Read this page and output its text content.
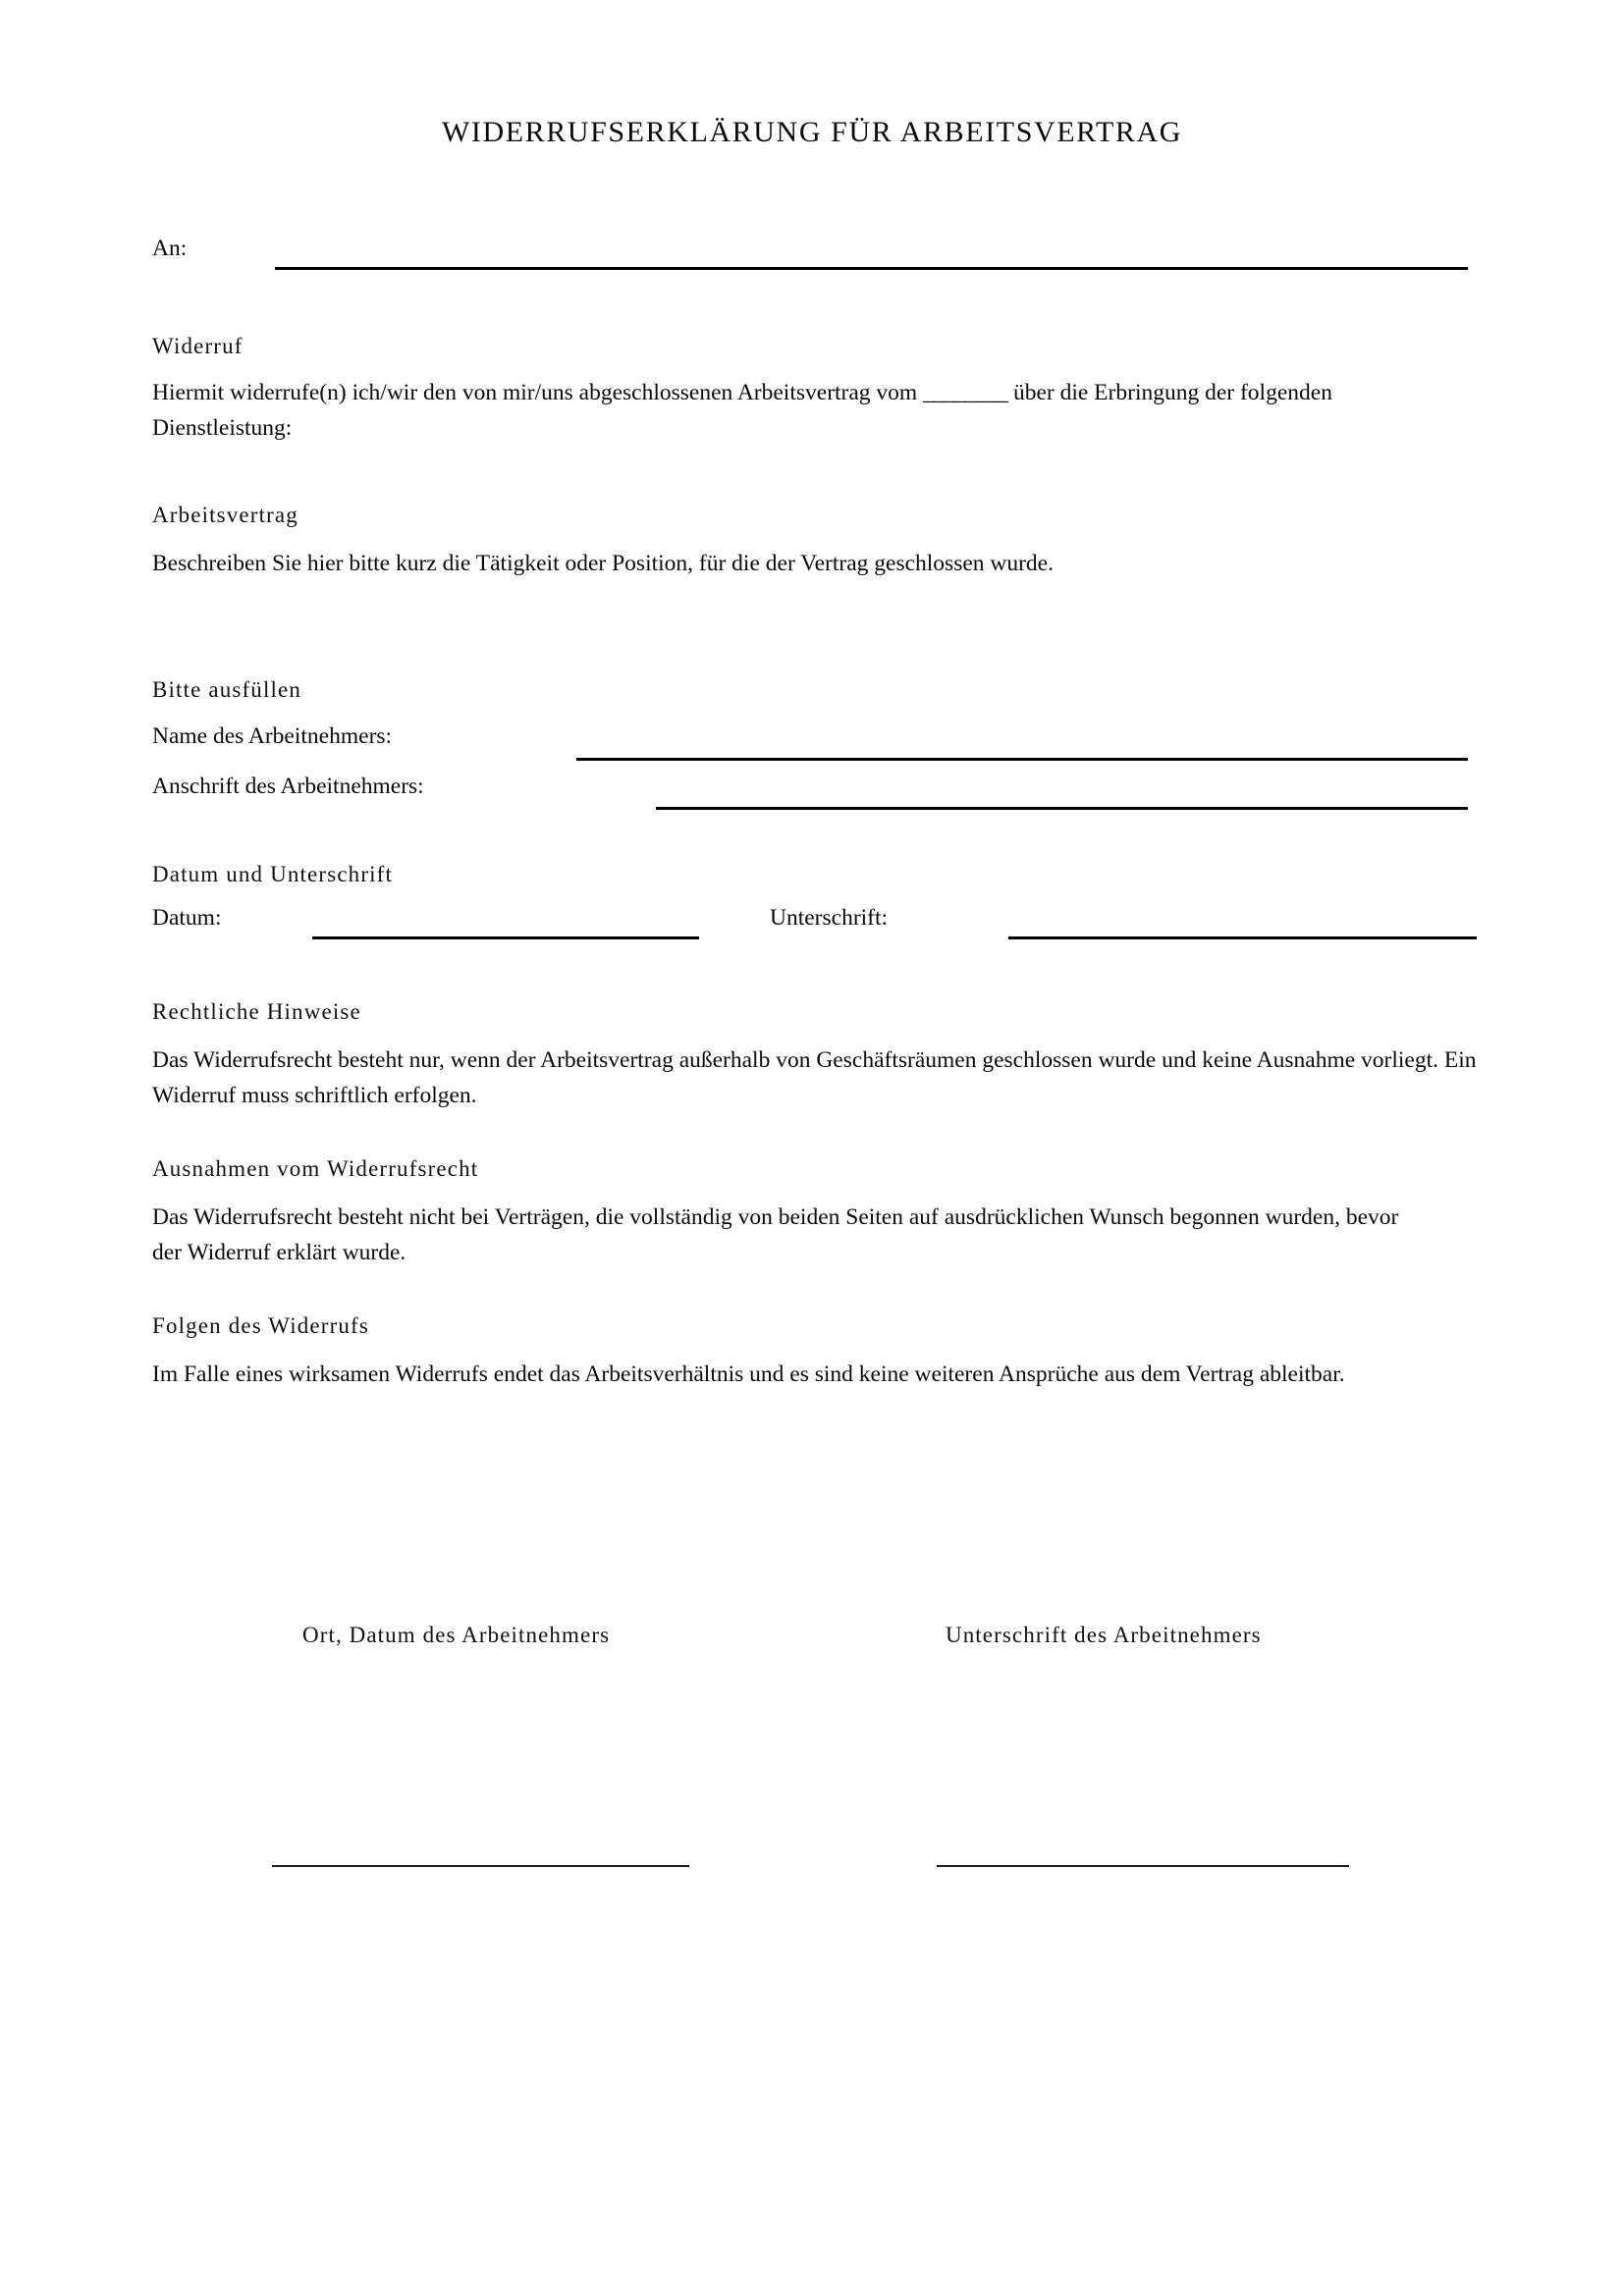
WIDERRUFSERKLÄRUNG FÜR ARBEITSVERTRAG
An:
Widerruf
Hiermit widerrufe(n) ich/wir den von mir/uns abgeschlossenen Arbeitsvertrag vom ________ über die Erbringung der folgenden Dienstleistung:
Arbeitsvertrag
Beschreiben Sie hier bitte kurz die Tätigkeit oder Position, für die der Vertrag geschlossen wurde.
Bitte ausfüllen
Name des Arbeitnehmers:
Anschrift des Arbeitnehmers:
Datum und Unterschrift
Datum:	Unterschrift:
Rechtliche Hinweise
Das Widerrufsrecht besteht nur, wenn der Arbeitsvertrag außerhalb von Geschäftsräumen geschlossen wurde und keine Ausnahme vorliegt. Ein Widerruf muss schriftlich erfolgen.
Ausnahmen vom Widerrufsrecht
Das Widerrufsrecht besteht nicht bei Verträgen, die vollständig von beiden Seiten auf ausdrücklichen Wunsch begonnen wurden, bevor der Widerruf erklärt wurde.
Folgen des Widerrufs
Im Falle eines wirksamen Widerrufs endet das Arbeitsverhältnis und es sind keine weiteren Ansprüche aus dem Vertrag ableitbar.
Ort, Datum des Arbeitnehmers	Unterschrift des Arbeitnehmers
